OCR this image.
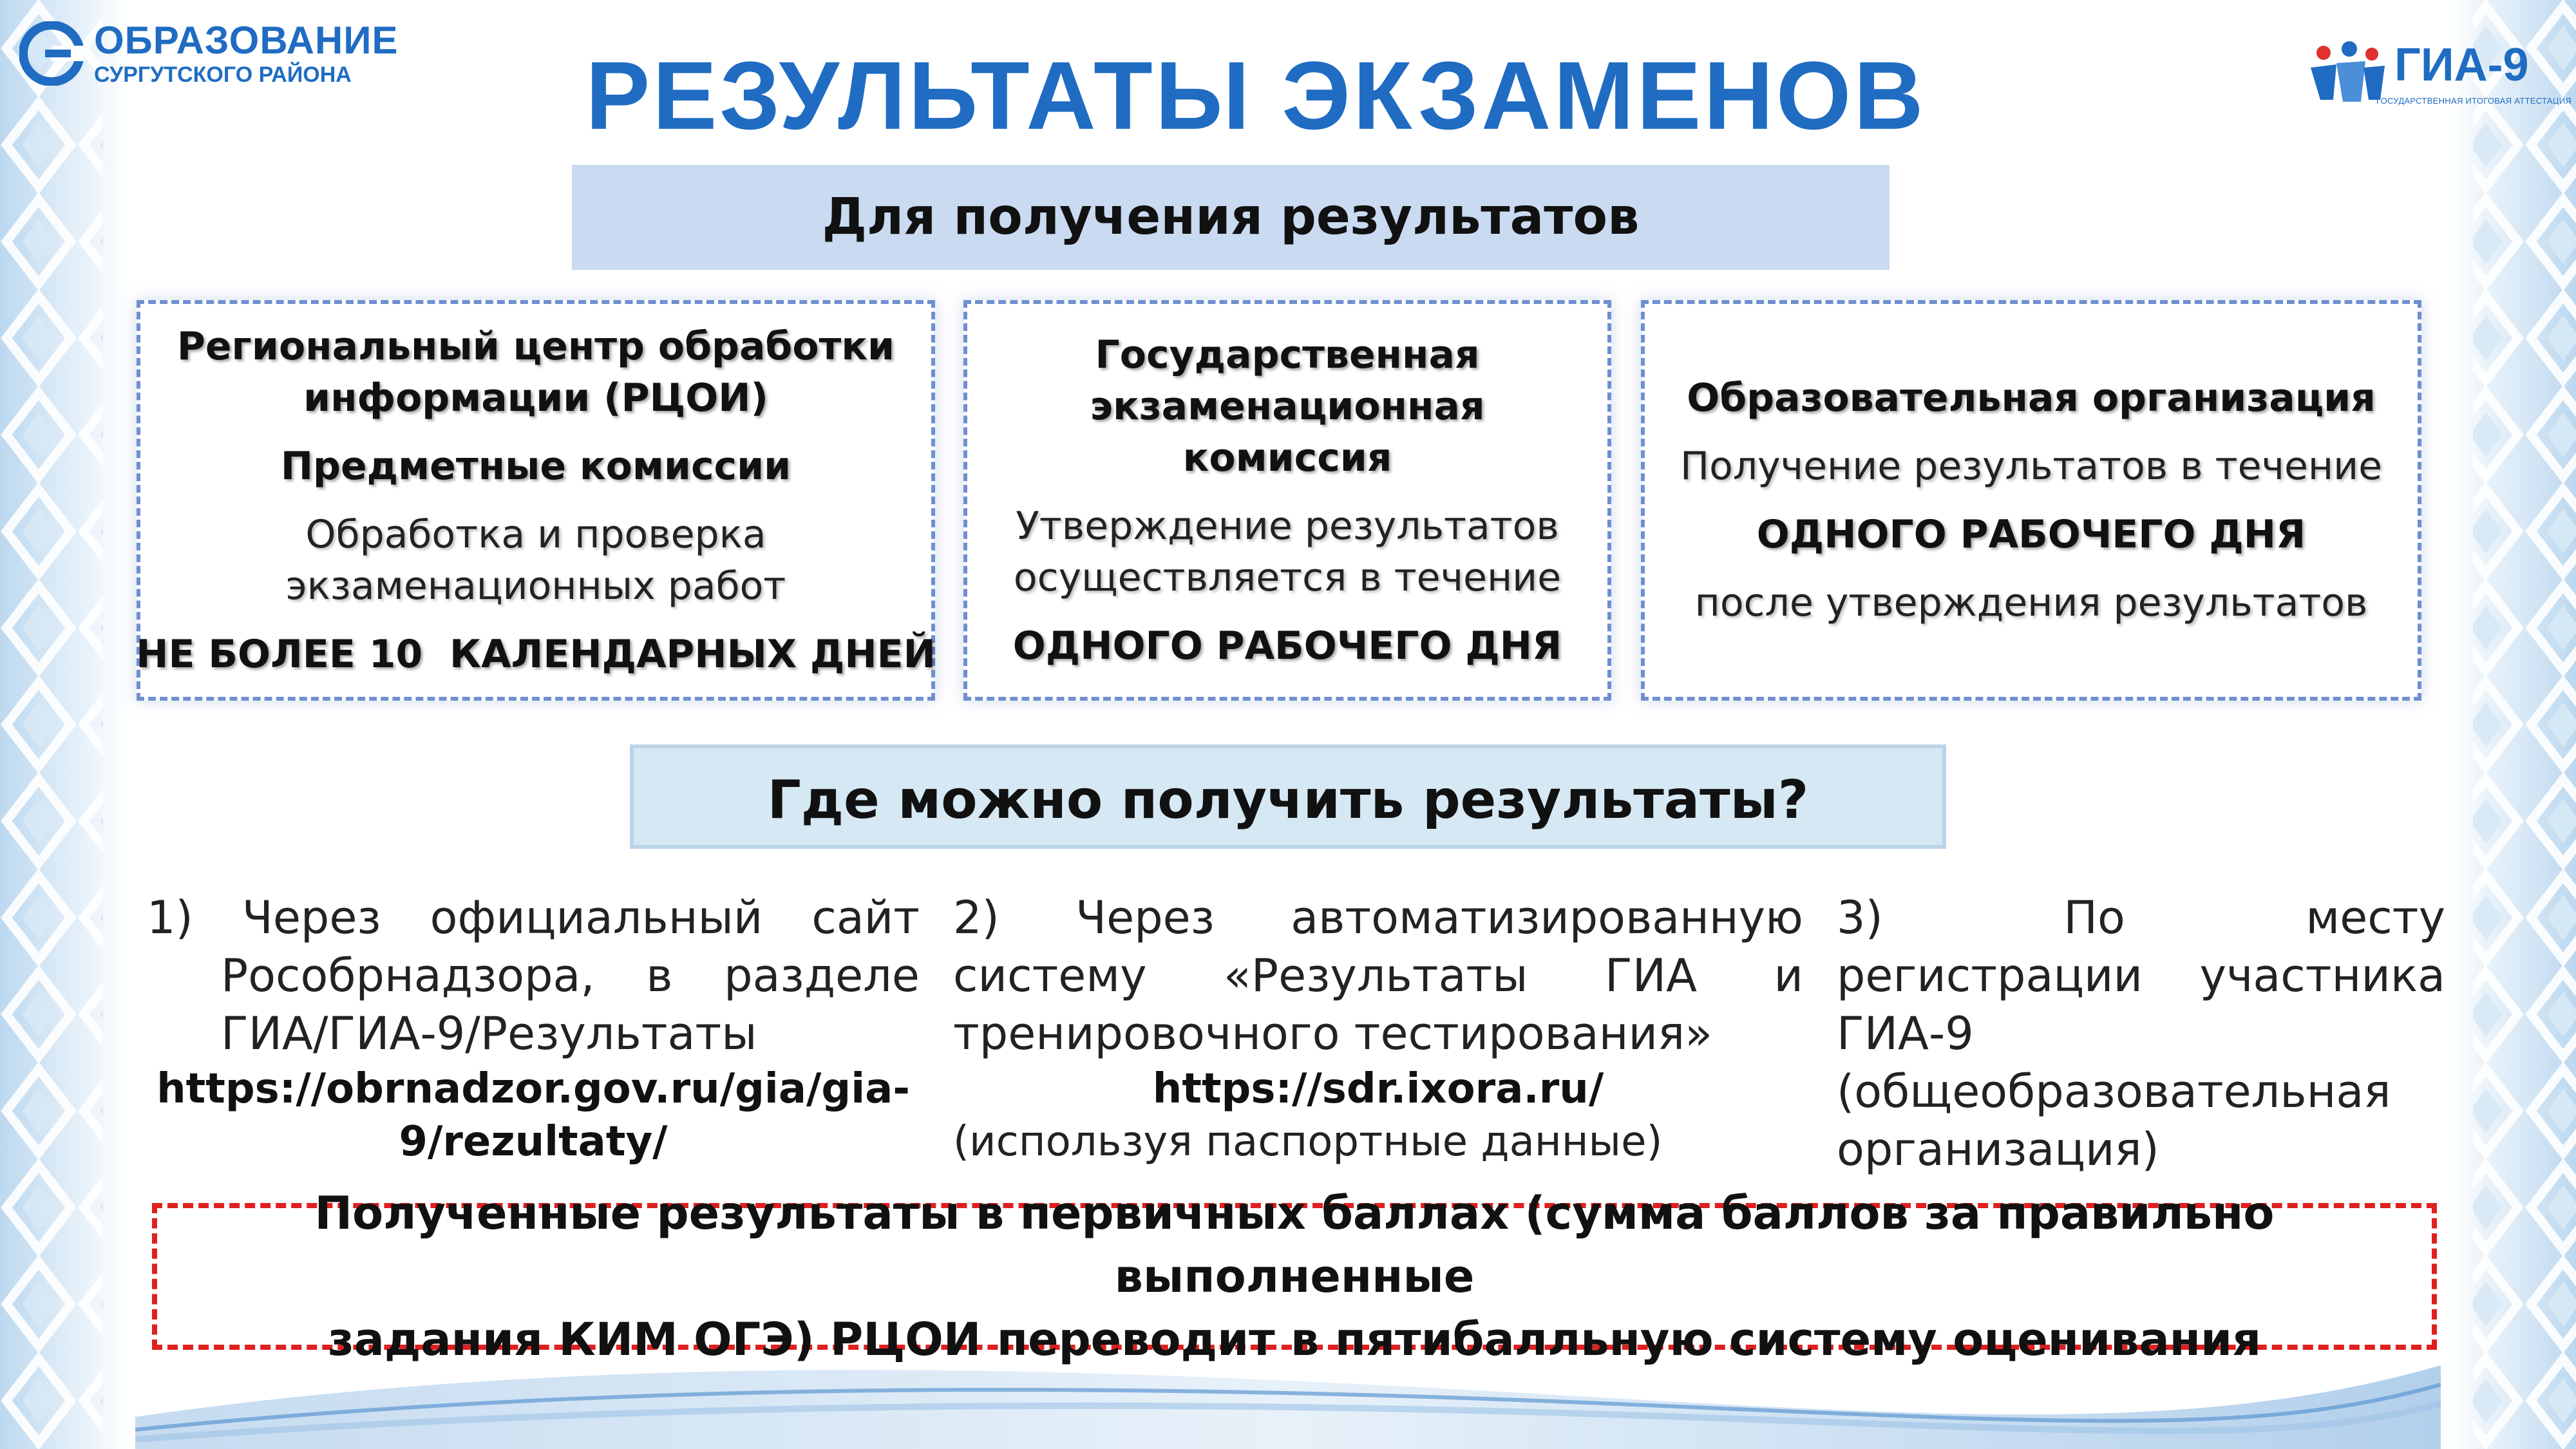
ОБРАЗОВАНИЕ
СУРГУТСКОГО РАЙОНА	ГИА-9
ГОСУДАРСТВЕННАЯ ИТОГОВАЯ АТТЕСТАЦИЯ
РЕЗУЛЬТАТЫ ЭКЗАМЕНОВ
Для получения результатов
Региональный центр обработки
информации (РЦОИ)
Предметные комиссии
Обработка и проверка
экзаменационных работ
НЕ БОЛЕЕ 10  КАЛЕНДАРНЫХ ДНЕЙ
Государственная
экзаменационная
комиссия
Утверждение результатов
осуществляется в течение
ОДНОГО РАБОЧЕГО ДНЯ
Образовательная организация
Получение результатов в течение
ОДНОГО РАБОЧЕГО ДНЯ
после утверждения результатов
Где можно получить результаты?
1) Через официальный сайт
Рособрнадзора, в разделе
ГИА/ГИА-9/Результаты
https://obrnadzor.gov.ru/gia/gia-
9/rezultaty/
2) Через автоматизированную
систему «Результаты ГИА и
тренировочного тестирования»
https://sdr.ixora.ru/
(используя паспортные данные)
3) По месту
регистрации участника
ГИА-9
(общеобразовательная
организация)
Полученные результаты в первичных баллах (сумма баллов за правильно выполненные
задания КИМ ОГЭ) РЦОИ переводит в пятибалльную систему оценивания
